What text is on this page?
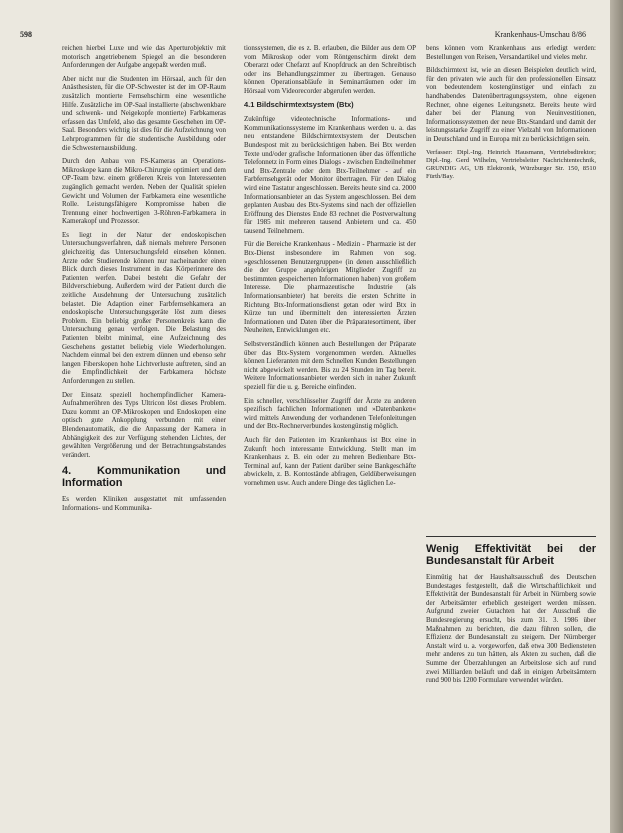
598	Krankenhaus-Umschau 8/86

reichen hierbei Luxe und wie das Aperturobjektiv mit motorisch angetriebenem Spiegel an die besonderen Anforderungen der Aufgabe angepaßt werden muß.

Aber nicht nur die Studenten im Hörsaal, auch für den Anästhesisten, für die OP-Schwester ist der im OP-Raum zusätzlich montierte Fernsehschirm eine wesentliche Hilfe. Zusätzliche im OP-Saal installierte (abschwenkbare und schwenk- und Neigekopfe montierte) Farbkameras erfassen das Umfeld, also das gesamte Geschehen im OP-Saal. Besonders wichtig ist dies für die Aufzeichnung von Lehrprogrammen für die studentische Ausbildung oder die Schwesternausbildung.

Durch den Anbau von FS-Kameras an Operations-Mikroskope kann die Mikro-Chirurgie optimiert und dem OP-Team bzw. einem größeren Kreis von Interessenten zugänglich gemacht werden. Neben der Qualität spielen Gewicht und Volumen der Farbkamera eine wesentliche Rolle. Leistungsfähigere Kompromisse haben die Trennung einer hochwertigen 3-Röhren-Farbkamera in Kamerakopf und Prozessor.

Es liegt in der Natur der endoskopischen Untersuchungsverfahren, daß niemals mehrere Personen gleichzeitig das Untersuchungsfeld einsehen können. Arzte oder Studierende können nur nacheinander einen Blick durch dieses Instrument in das Körperinnere des Patienten werfen. Dabei besteht die Gefahr der Bildverschiebung. Außerdem wird der Patient durch die zeitliche Ausdehnung der Untersuchung zusätzlich belastet. Die Adaption einer Farbfernsehkamera an endoskopische Untersuchungsgeräte löst zum dieses Problem. Ein beliebig großer Personenkreis kann die Untersuchung genau verfolgen. Die Belastung des Patienten bleibt minimal, eine Aufzeichnung des Geschehens gestattet beliebig viele Wiederholungen. Nachdem einmal bei den extrem dünnen und ebenso sehr langen Fiberskopen hohe Lichtverluste auftreten, sind an die Empfindlichkeit der Farbkamera höchste Anforderungen zu stellen.

Der Einsatz speziell hochempfindlicher Kamera-Aufnahmeröhren des Typs Ultricon löst dieses Problem. Dazu kommt an OP-Mikroskopen und Endoskopen eine optisch gute Ankopplung verbunden mit einer Blendenautomatik, die die Anpassung der Kamera in Abhängigkeit des zur Verfügung stehenden Lichtes, der gewählten Vergrößerung und der Betrachtungsabstandes verändert.

4. Kommunikation und Information

Es werden Kliniken ausgestattet mit umfassenden Informations- und Kommunika-

tionssystemen, die es z. B. erlauben, die Bilder aus dem OP vom Mikroskop oder vom Röntgenschirm direkt dem Oberarzt oder Chefarzt auf Knopfdruck an den Schreibtisch oder ins Behandlungszimmer zu übertragen. Genauso können Operationsabläufe in Seminarräumen oder im Hörsaal vom Videorecorder abgerufen werden.

4.1 Bildschirmtextsystem (Btx)

Zukünftige videotechnische Informations- und Kommunikationssysteme im Krankenhaus werden u. a. das neu entstandene Bildschirmtextsystem der Deutschen Bundespost mit zu berücksichtigen haben. Bei Btx werden Texte und/oder grafische Informationen über das öffentliche Telefonnetz in Form eines Dialogs - zwischen Endteilnehmer und Btx-Zentrale oder dem Btx-Teilnehmer - auf ein Farbfernsehgerät oder Monitor übertragen. Für den Dialog wird eine Tastatur angeschlossen. Bereits heute sind ca. 2000 Informationsanbieter an das System angeschlossen. Bei dem geplanten Ausbau des Btx-Systems sind nach der offiziellen Eröffnung des Dienstes Ende 83 rechnet die Postverwaltung für 1985 mit mehreren tausend Anbietern und ca. 450 tausend Teilnehmern.

Für die Bereiche Krankenhaus - Medizin - Pharmazie ist der Btx-Dienst insbesondere im Rahmen von sog. »geschlossenen Benutzergruppen« (in denen ausschließlich die der Gruppe angehörigen Mitglieder Zugriff zu bestimmten gespeicherten Informationen haben) von großem Interesse. Die pharmazeutische Industrie (als Informationsanbieter) hat bereits die ersten Schritte in Richtung Btx-Informationsdienst getan oder wird Btx in Kürze tun und übermittelt den interessierten Ärzten Informationen und Daten über die Präparatesortiment, über Neuheiten, Entwicklungen etc.

Selbstverständlich können auch Bestellungen der Präparate über das Btx-System vorgenommen werden. Aktuelles können Lieferanten mit dem Schnellen Kunden Bestellungen nicht abgewickelt werden. Bis zu 24 Stunden im Tag bereit. Weitere Informationsanbieter werden sich in naher Zukunft speziell für die u. g. Bereiche einfinden.

Ein schneller, verschlüsselter Zugriff der Ärzte zu anderen spezifisch fachlichen Informationen und »Datenbanken« wird mittels Anwendung der vorhandenen Telefonleitungen und der Btx-Rechnerverbundes kostengünstig möglich.

Auch für den Patienten im Krankenhaus ist Btx eine in Zukunft hoch interessante Entwicklung. Stellt man im Krankenhaus z. B. ein oder zu mehren Bedienbare Btx-Terminal auf, kann der Patient darüber seine Bankgeschäfte abwickeln, z. B. Kontostände abfragen, Geldüberweisungen vornehmen usw. Auch andere Dinge des täglichen Le-

bens können vom Krankenhaus aus erledigt werden: Bestellungen von Reisen, Versandartikel und vieles mehr.

Bildschirmtext ist, wie an diesen Beispielen deutlich wird, für den privaten wie auch für den professionellen Einsatz von bedeutendem kostengünstiger und einfach zu handhabendes Datenübertragungssystem, ohne eigenen Rechner, ohne eigenes Leitungsnetz. Bereits heute wird daher bei der Planung von Neuinvestitionen, Informationssystemen der neue Btx-Standard und damit der leistungsstarke Zugriff zu einer Vielzahl von Informationen in Deutschland und in Europa mit zu berücksichtigen sein.

Verfasser: Dipl.-Ing. Heinrich Hausmann, Vertriebsdirektor; Dipl.-Ing. Gerd Wilhelm, Vertriebsleiter Nachrichtentechnik, GRUNDIG AG, UB Elektronik, Würzburger Str. 150, 8510 Fürth/Bay.

Wenig Effektivität bei der Bundesanstalt für Arbeit

Einmütig hat der Haushaltsausschuß des Deutschen Bundestages festgestellt, daß die Wirtschaftlichkeit und Effektivität der Bundesanstalt für Arbeit in Nürnberg sowie der Arbeitsämter erheblich gesteigert werden müssen. Aufgrund zweier Gutachten hat der Ausschuß die Bundesregierung ersucht, bis zum 31. 3. 1986 über Maßnahmen zu berichten, die dazu führen sollen, die Effizienz der Bundesanstalt zu steigern. Der Nürnberger Anstalt wird u. a. vorgeworfen, daß etwa 300 Bediensteten mehr anderes zu tun hätten, als Akten zu suchen, daß die Summe der Überzahlungen an Arbeitslose sich auf rund zwei Milliarden beläuft und daß in einigen Arbeitsämtern rund 900 bis 1200 Formulare verwendet würden.
